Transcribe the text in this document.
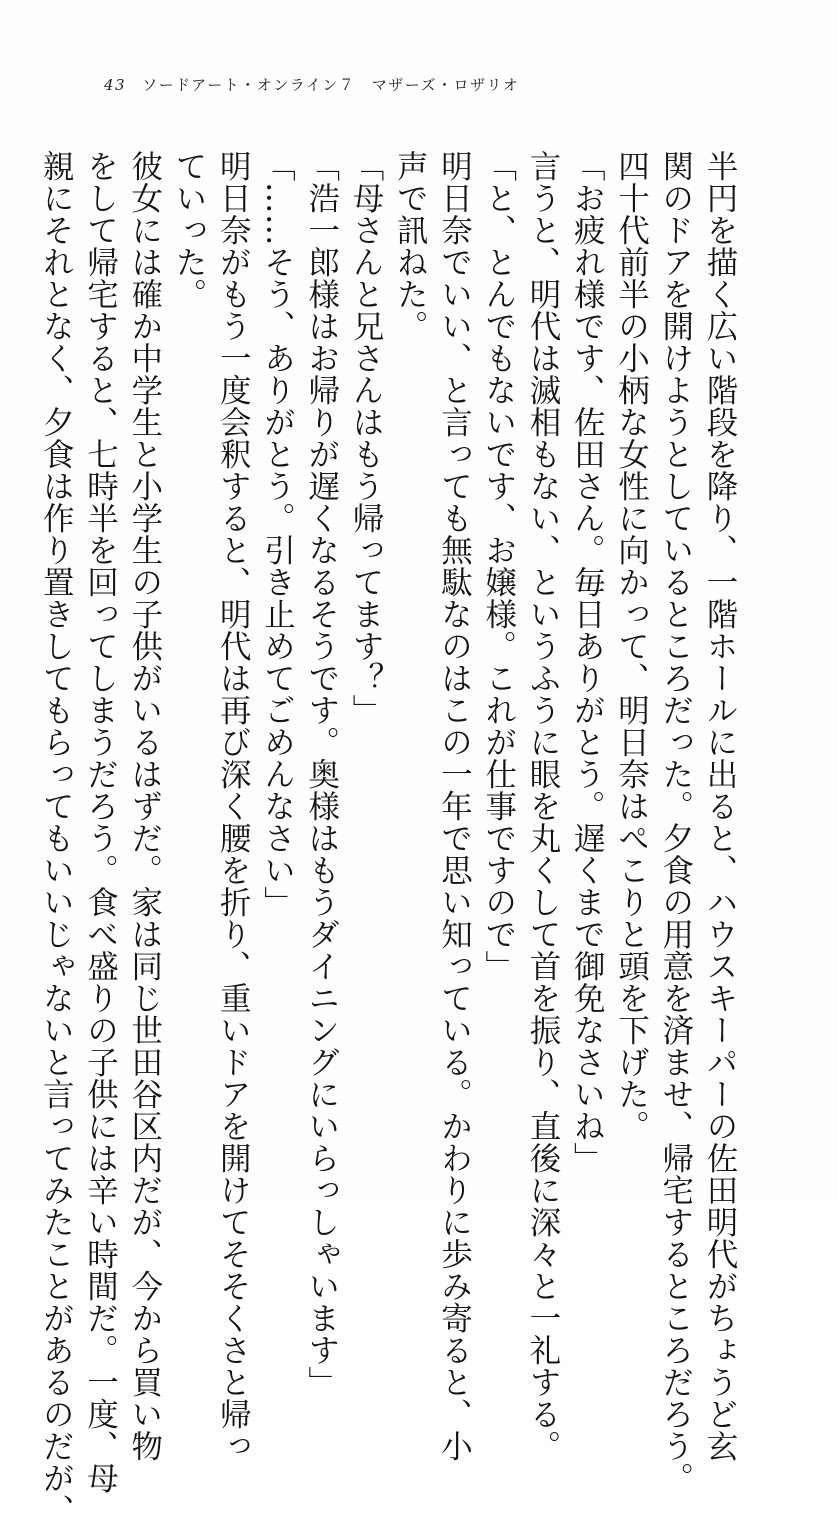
43 ソードアート・オンライン７　マザーズ・ロザリオ
半円を描く広い階段を降り、一階ホールに出ると、ハウスキーパーの佐田明代がちょうど玄
関のドアを開けようとしているところだった。夕食の用意を済ませ、帰宅するところだろう。
四十代前半の小柄な女性に向かって、明日奈はぺこりと頭を下げた。
「お疲れ様です、佐田さん。毎日ありがとう。遅くまで御免なさいね」
言うと、明代は滅相もない、というふうに眼を丸くして首を振り、直後に深々と一礼する。
「と、とんでもないです、お嬢様。これが仕事ですので」
明日奈でいい、と言っても無駄なのはこの一年で思い知っている。かわりに歩み寄ると、小
声で訊ねた。
「母さんと兄さんはもう帰ってます？」
「浩一郎様はお帰りが遅くなるそうです。奥様はもうダイニングにいらっしゃいます」
「……そう、ありがとう。引き止めてごめんなさい」
明日奈がもう一度会釈すると、明代は再び深く腰を折り、重いドアを開けてそそくさと帰っ
ていった。
彼女には確か中学生と小学生の子供がいるはずだ。家は同じ世田谷区内だが、今から買い物
をして帰宅すると、七時半を回ってしまうだろう。食べ盛りの子供には辛い時間だ。一度、母
親にそれとなく、夕食は作り置きしてもらってもいいじゃないと言ってみたことがあるのだが、
